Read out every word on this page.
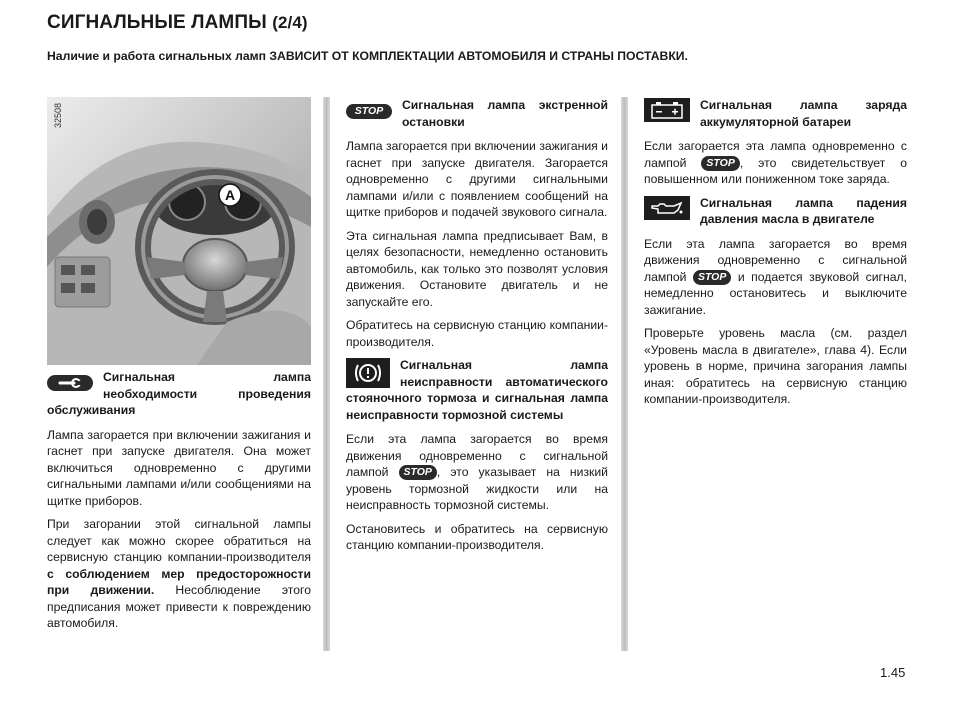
СИГНАЛЬНЫЕ ЛАМПЫ (2/4)
Наличие и работа сигнальных ламп ЗАВИСИТ ОТ КОМПЛЕКТАЦИИ АВТОМОБИЛЯ И СТРАНЫ ПОСТАВКИ.
A
32508
Сигнальная лампа необходимости проведения обслуживания

Лампа загорается при включении зажигания и гаснет при запуске двигателя. Она может включиться одновременно с другими сигнальными лампами и/или сообщениями на щитке приборов.

При загорании этой сигнальной лампы следует как можно скорее обратиться на сервисную станцию компании-производителя с соблюдением мер предосторожности при движении. Несоблюдение этого предписания может привести к повреждению автомобиля.

STOP	Сигнальная лампа экстренной остановки

Лампа загорается при включении зажигания и гаснет при запуске двигателя. Загорается одновременно с другими сигнальными лампами и/или с появлением сообщений на щитке приборов и подачей звукового сигнала.

Эта сигнальная лампа предписывает Вам, в целях безопасности, немедленно остановить автомобиль, как только это позволят условия движения. Остановите двигатель и не запускайте его.

Обратитесь на сервисную станцию компании-производителя.

Сигнальная лампа неисправности автоматического стояночного тормоза и сигнальная лампа неисправности тормозной системы

Если эта лампа загорается во время движения одновременно с сигнальной лампой STOP , это указывает на низкий уровень тормозной жидкости или на неисправность тормозной системы.

Остановитесь и обратитесь на сервисную станцию компании-производителя.

Сигнальная лампа заряда аккумуляторной батареи

Если загорается эта лампа одновременно с лампой STOP , это свидетельствует о повышенном или пониженном токе заряда.

Сигнальная лампа падения давления масла в двигателе

Если эта лампа загорается во время движения одновременно с сигнальной лампой STOP и подается звуковой сигнал, немедленно остановитесь и выключите зажигание.

Проверьте уровень масла (см. раздел «Уровень масла в двигателе», глава 4). Если уровень в норме, причина загорания лампы иная: обратитесь на сервисную станцию компании-производителя.

1.45
